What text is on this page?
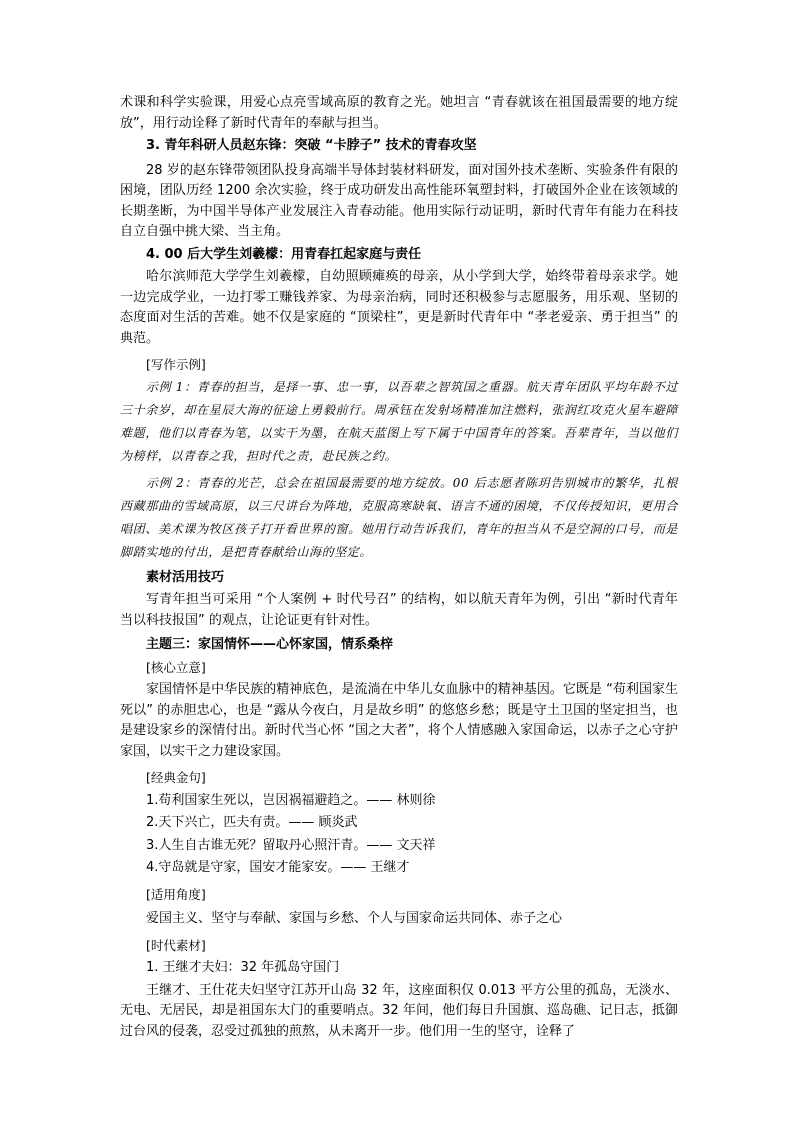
术课和科学实验课，用爱心点亮雪域高原的教育之光。她坦言 “青春就该在祖国最需要的地方绽放”，用行动诠释了新时代青年的奉献与担当。

3. 青年科研人员赵东锋：突破 “卡脖子” 技术的青春攻坚

28 岁的赵东锋带领团队投身高端半导体封装材料研发，面对国外技术垄断、实验条件有限的困境，团队历经 1200 余次实验，终于成功研发出高性能环氧塑封料，打破国外企业在该领域的长期垄断，为中国半导体产业发展注入青春动能。他用实际行动证明，新时代青年有能力在科技自立自强中挑大梁、当主角。

4. 00 后大学生刘羲檬：用青春扛起家庭与责任

哈尔滨师范大学学生刘羲檬，自幼照顾瘫痪的母亲，从小学到大学，始终带着母亲求学。她一边完成学业，一边打零工赚钱养家、为母亲治病，同时还积极参与志愿服务，用乐观、坚韧的态度面对生活的苦难。她不仅是家庭的 “顶梁柱”，更是新时代青年中 “孝老爱亲、勇于担当” 的典范。

[写作示例]

示例 1：青春的担当，是择一事、忠一事，以吾辈之智筑国之重器。航天青年团队平均年龄不过三十余岁，却在星辰大海的征途上勇毅前行。周承钰在发射场精准加注燃料，张润红攻克火星车避障难题，他们以青春为笔，以实干为墨，在航天蓝图上写下属于中国青年的答案。吾辈青年，当以他们为榜样，以青春之我，担时代之责，赴民族之约。

示例 2：青春的光芒，总会在祖国最需要的地方绽放。00 后志愿者陈玥告别城市的繁华，扎根西藏那曲的雪域高原，以三尺讲台为阵地，克服高寒缺氧、语言不通的困境，不仅传授知识，更用合唱团、美术课为牧区孩子打开看世界的窗。她用行动告诉我们，青年的担当从不是空洞的口号，而是脚踏实地的付出，是把青春献给山海的坚定。

素材活用技巧

写青年担当可采用 “个人案例 + 时代号召” 的结构，如以航天青年为例，引出 “新时代青年当以科技报国” 的观点，让论证更有针对性。

主题三：家国情怀——心怀家国，情系桑梓

[核心立意]

家国情怀是中华民族的精神底色，是流淌在中华儿女血脉中的精神基因。它既是 “苟利国家生死以” 的赤胆忠心，也是 “露从今夜白，月是故乡明” 的悠悠乡愁；既是守土卫国的坚定担当，也是建设家乡的深情付出。新时代当心怀 “国之大者”，将个人情感融入家国命运，以赤子之心守护家国，以实干之力建设家国。

[经典金句]

1.苟利国家生死以，岂因祸福避趋之。—— 林则徐

2.天下兴亡，匹夫有责。—— 顾炎武

3.人生自古谁无死？留取丹心照汗青。—— 文天祥

4.守岛就是守家，国安才能家安。—— 王继才

[适用角度]

爱国主义、坚守与奉献、家国与乡愁、个人与国家命运共同体、赤子之心

[时代素材]

1. 王继才夫妇：32 年孤岛守国门

王继才、王仕花夫妇坚守江苏开山岛 32 年，这座面积仅 0.013 平方公里的孤岛，无淡水、无电、无居民，却是祖国东大门的重要哨点。32 年间，他们每日升国旗、巡岛礁、记日志，抵御过台风的侵袭，忍受过孤独的煎熬，从未离开一步。他们用一生的坚守，诠释了
